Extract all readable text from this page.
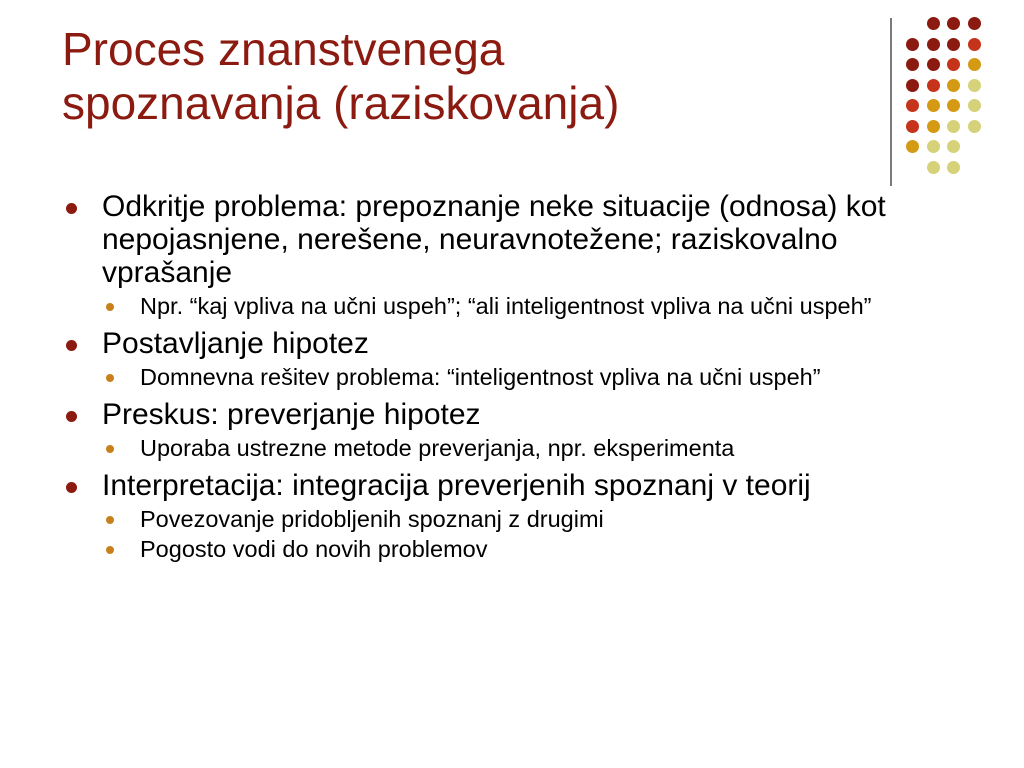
Proces znanstvenega
spoznavanja (raziskovanja)
Odkritje problema: prepoznanje neke situacije (odnosa) kot nepojasnjene, nerešene, neuravnotežene; raziskovalno vprašanje
Npr. “kaj vpliva na učni uspeh”; “ali inteligentnost vpliva na učni uspeh”
Postavljanje hipotez
Domnevna rešitev problema: “inteligentnost vpliva na učni uspeh”
Preskus: preverjanje hipotez
Uporaba ustrezne metode preverjanja, npr. eksperimenta
Interpretacija: integracija preverjenih spoznanj v teorij
Povezovanje pridobljenih spoznanj z drugimi
Pogosto vodi do novih problemov
